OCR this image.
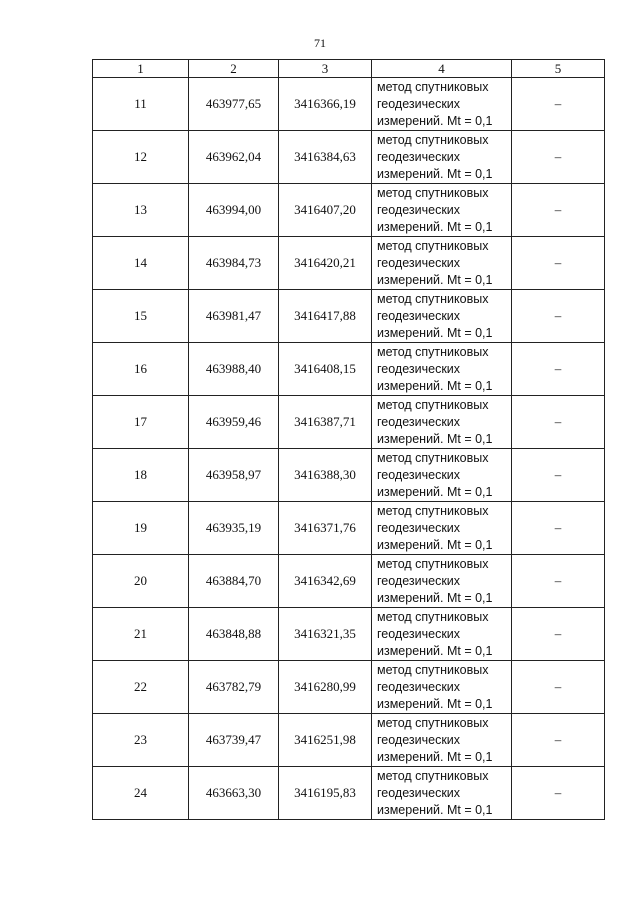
71
1	2	3	4	5
11	463977,65	3416366,19	метод спутниковых
геодезических
измерений. Mt = 0,1	–
12	463962,04	3416384,63	метод спутниковых
геодезических
измерений. Mt = 0,1	–
13	463994,00	3416407,20	метод спутниковых
геодезических
измерений. Mt = 0,1	–
14	463984,73	3416420,21	метод спутниковых
геодезических
измерений. Mt = 0,1	–
15	463981,47	3416417,88	метод спутниковых
геодезических
измерений. Mt = 0,1	–
16	463988,40	3416408,15	метод спутниковых
геодезических
измерений. Mt = 0,1	–
17	463959,46	3416387,71	метод спутниковых
геодезических
измерений. Mt = 0,1	–
18	463958,97	3416388,30	метод спутниковых
геодезических
измерений. Mt = 0,1	–
19	463935,19	3416371,76	метод спутниковых
геодезических
измерений. Mt = 0,1	–
20	463884,70	3416342,69	метод спутниковых
геодезических
измерений. Mt = 0,1	–
21	463848,88	3416321,35	метод спутниковых
геодезических
измерений. Mt = 0,1	–
22	463782,79	3416280,99	метод спутниковых
геодезических
измерений. Mt = 0,1	–
23	463739,47	3416251,98	метод спутниковых
геодезических
измерений. Mt = 0,1	–
24	463663,30	3416195,83	метод спутниковых
геодезических
измерений. Mt = 0,1	–
